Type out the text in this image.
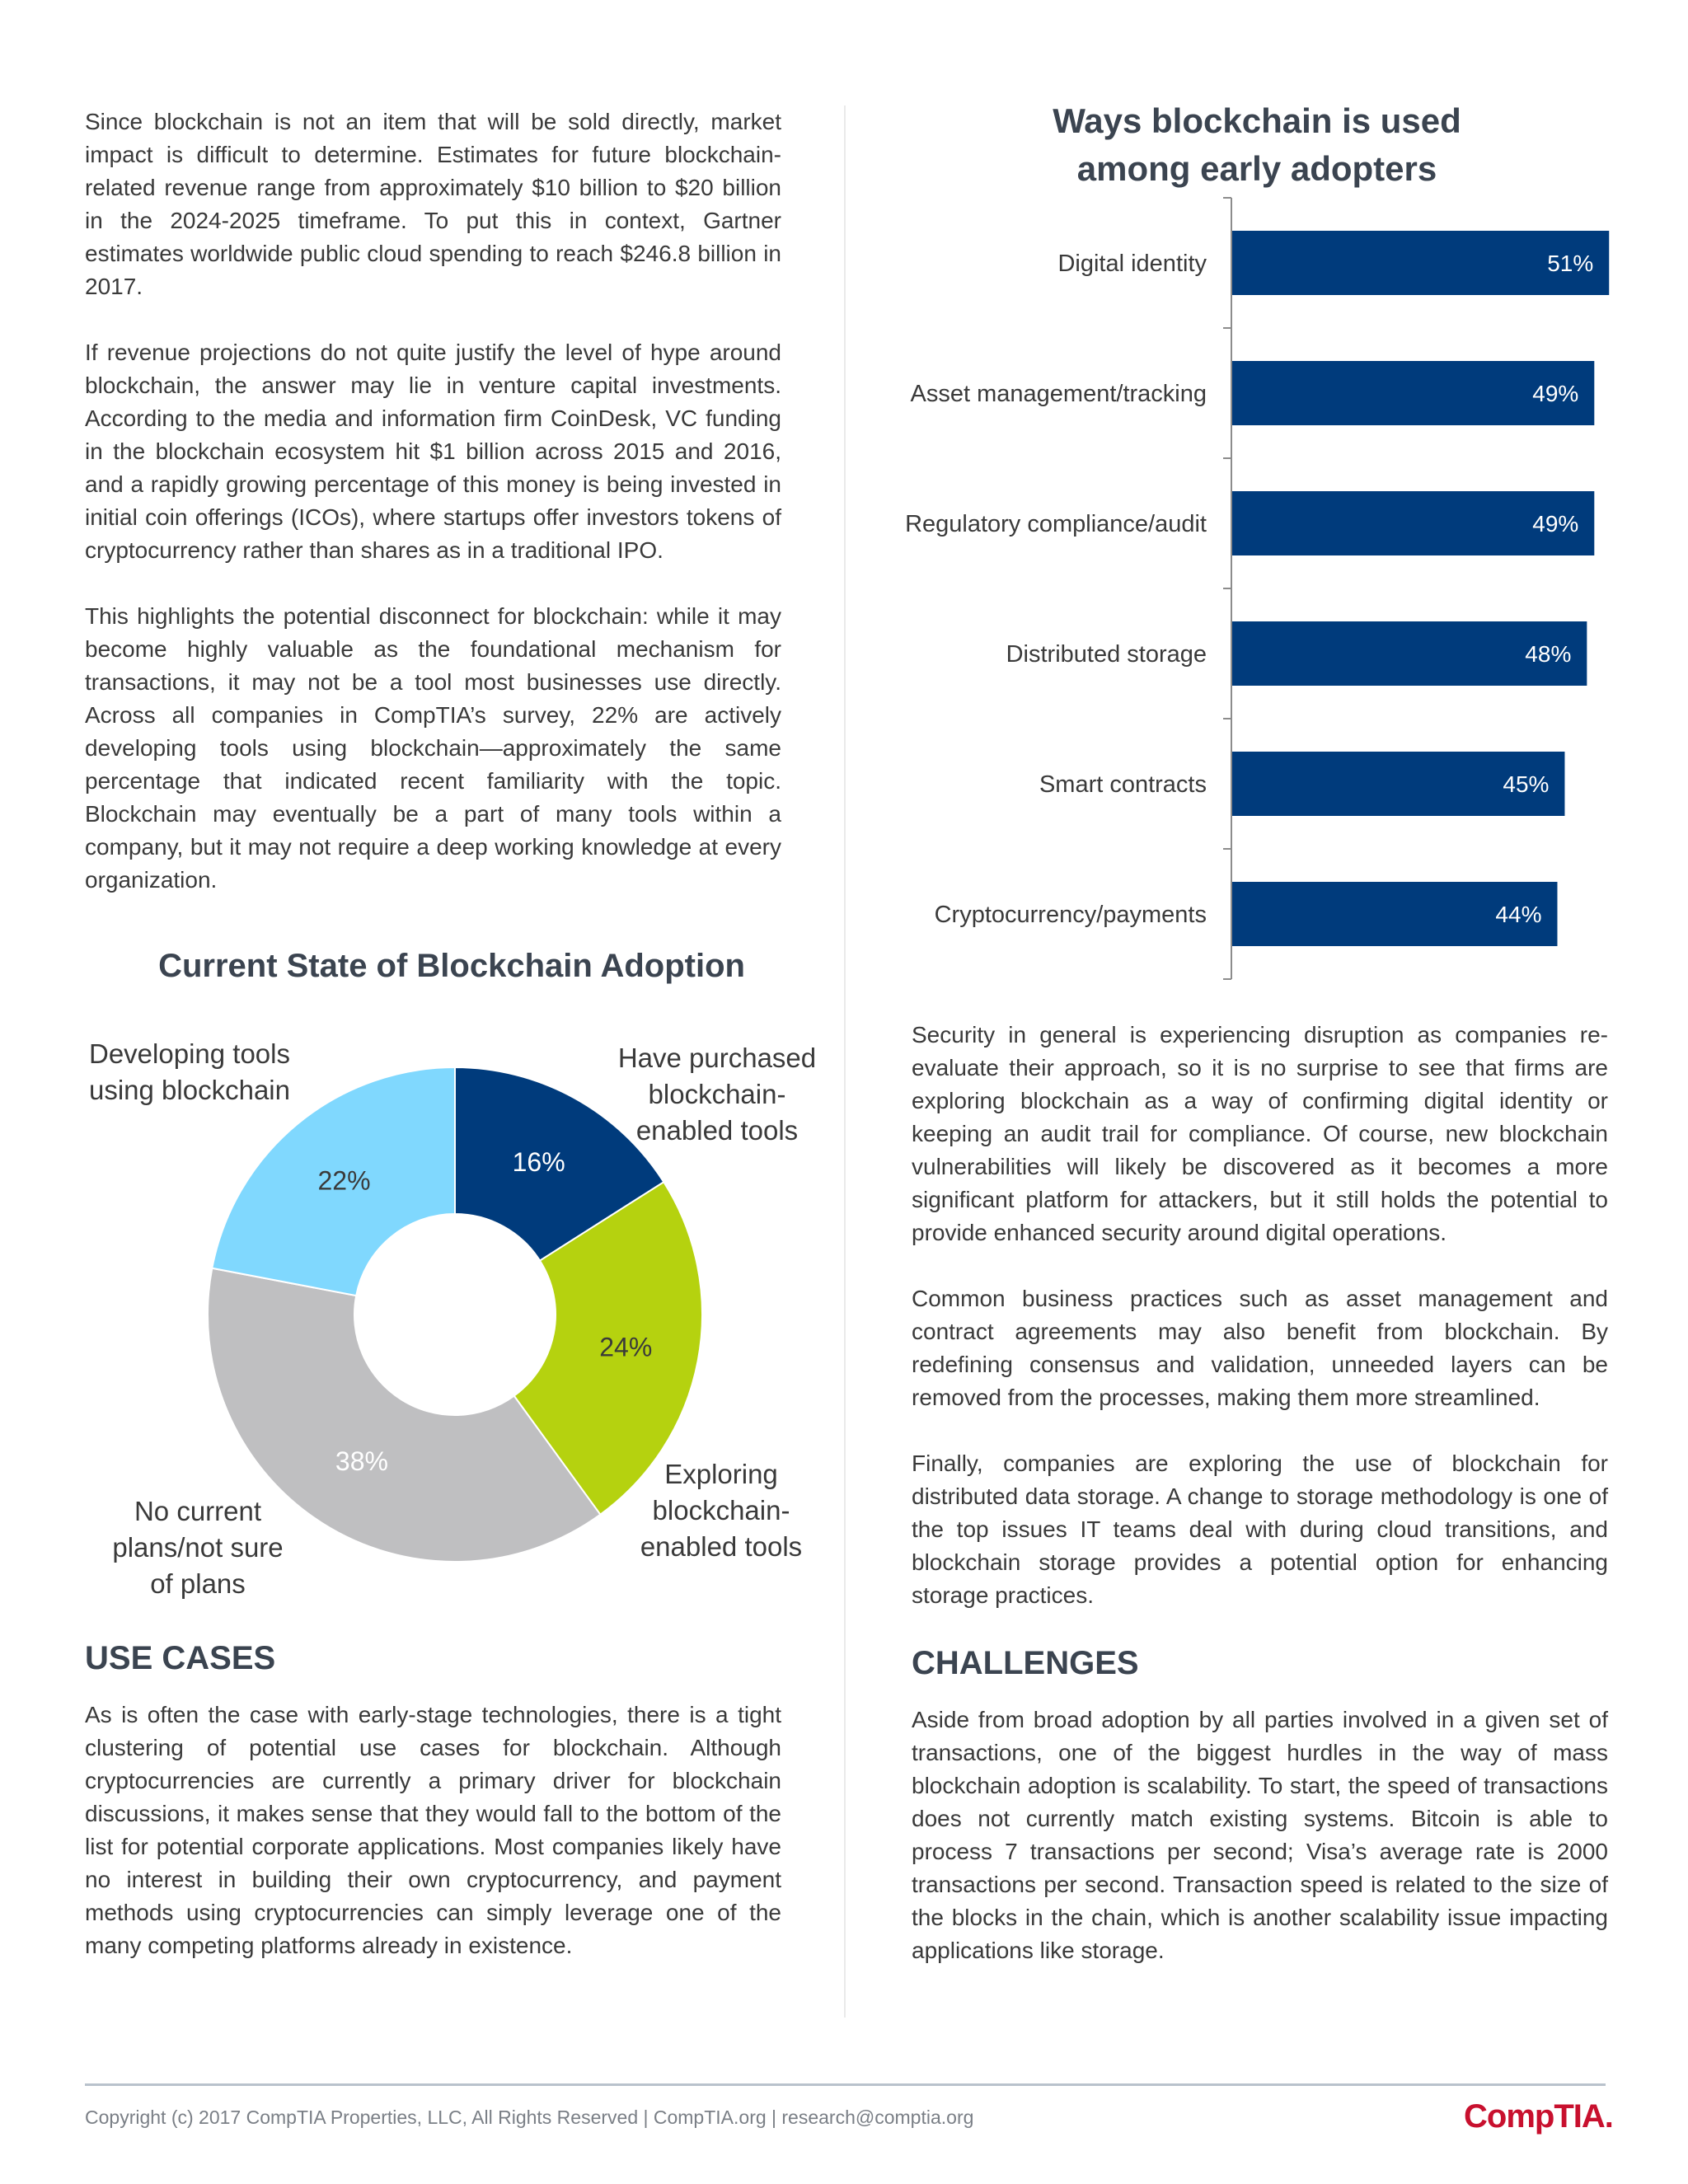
Since blockchain is not an item that will be sold directly, market impact is difficult to determine. Estimates for future blockchain-related revenue range from approximately $10 billion to $20 billion in the 2024-2025 timeframe. To put this in context, Gartner estimates worldwide public cloud spending to reach $246.8 billion in 2017.

If revenue projections do not quite justify the level of hype around blockchain, the answer may lie in venture capital investments. According to the media and information firm CoinDesk, VC funding in the blockchain ecosystem hit $1 billion across 2015 and 2016, and a rapidly growing percentage of this money is being invested in initial coin offerings (ICOs), where startups offer investors tokens of cryptocurrency rather than shares as in a traditional IPO.

This highlights the potential disconnect for blockchain: while it may become highly valuable as the foundational mechanism for transactions, it may not be a tool most businesses use directly. Across all companies in CompTIA’s survey, 22% are actively developing tools using blockchain—approximately the same percentage that indicated recent familiarity with the topic. Blockchain may eventually be a part of many tools within a company, but it may not require a deep working knowledge at every organization.

Current State of Blockchain Adoption
16%
Have purchased
blockchain-
enabled tools
24%
Exploring
blockchain-
enabled tools
38%
No current
plans/not sure
of plans
22%
Developing tools
using blockchain
USE CASES

As is often the case with early-stage technologies, there is a tight clustering of potential use cases for blockchain. Although cryptocurrencies are currently a primary driver for blockchain discussions, it makes sense that they would fall to the bottom of the list for potential corporate applications. Most companies likely have no interest in building their own cryptocurrency, and payment methods using cryptocurrencies can simply leverage one of the many competing platforms already in existence.

Ways blockchain is used
among early adopters
Digital identity	51%
Asset management/tracking	49%
Regulatory compliance/audit	49%
Distributed storage	48%
Smart contracts	45%
Cryptocurrency/payments	44%

Security in general is experiencing disruption as companies re-evaluate their approach, so it is no surprise to see that firms are exploring blockchain as a way of confirming digital identity or keeping an audit trail for compliance. Of course, new blockchain vulnerabilities will likely be discovered as it becomes a more significant platform for attackers, but it still holds the potential to provide enhanced security around digital operations.

Common business practices such as asset management and contract agreements may also benefit from blockchain. By redefining consensus and validation, unneeded layers can be removed from the processes, making them more streamlined.

Finally, companies are exploring the use of blockchain for distributed data storage. A change to storage methodology is one of the top issues IT teams deal with during cloud transitions, and blockchain storage provides a potential option for enhancing storage practices.

CHALLENGES

Aside from broad adoption by all parties involved in a given set of transactions, one of the biggest hurdles in the way of mass blockchain adoption is scalability. To start, the speed of transactions does not currently match existing systems. Bitcoin is able to process 7 transactions per second; Visa’s average rate is 2000 transactions per second. Transaction speed is related to the size of the blocks in the chain, which is another scalability issue impacting applications like storage.

Copyright (c) 2017 CompTIA Properties, LLC, All Rights Reserved | CompTIA.org | research@comptia.org	CompTIA.
